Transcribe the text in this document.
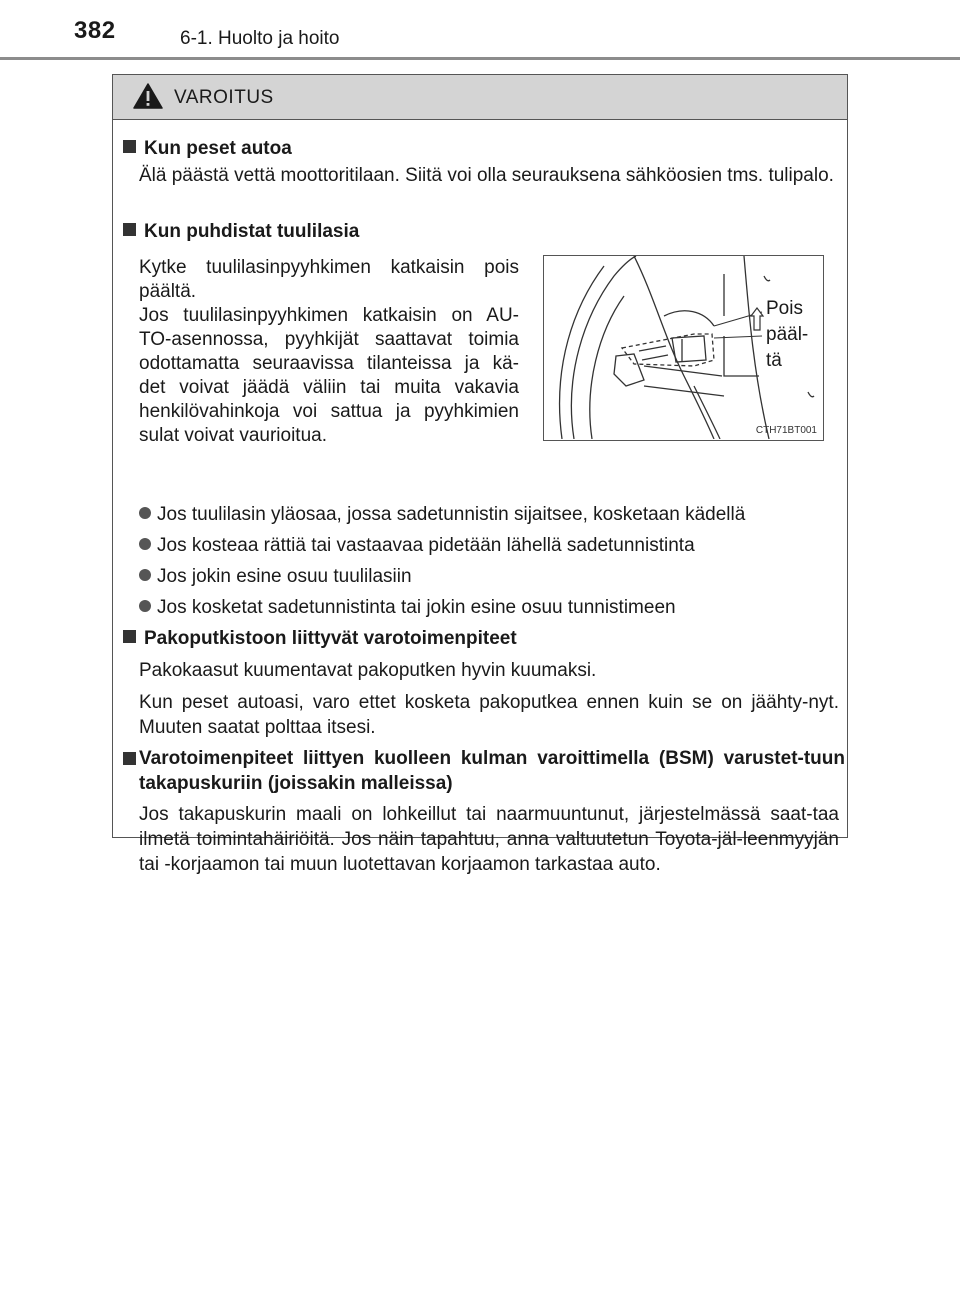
382	6-1. Huolto ja hoito
VAROITUS
Kun peset autoa
Älä päästä vettä moottoritilaan. Siitä voi olla seurauksena sähköosien tms. tulipalo.
Kun puhdistat tuulilasia
Kytke tuulilasinpyyhkimen katkaisin pois
päältä.
Jos tuulilasinpyyhkimen katkaisin on AU-
TO-asennossa, pyyhkijät saattavat toimia
odottamatta seuraavissa tilanteissa ja kä-
det voivat jäädä väliin tai muita vakavia
henkilövahinkoja voi sattua ja pyyhkimien
sulat voivat vaurioitua.
Pois
pääl-
tä
CTH71BT001
Jos tuulilasin yläosaa, jossa sadetunnistin sijaitsee, kosketaan kädellä
Jos kosteaa rättiä tai vastaavaa pidetään lähellä sadetunnistinta
Jos jokin esine osuu tuulilasiin
Jos kosketat sadetunnistinta tai jokin esine osuu tunnistimeen
Pakoputkistoon liittyvät varotoimenpiteet
Pakokaasut kuumentavat pakoputken hyvin kuumaksi.
Kun peset autoasi, varo ettet kosketa pakoputkea ennen kuin se on jäähty-nyt. Muuten saatat polttaa itsesi.
Varotoimenpiteet liittyen kuolleen kulman varoittimella (BSM) varustet-tuun takapuskuriin (joissakin malleissa)
Jos takapuskurin maali on lohkeillut tai naarmuuntunut, järjestelmässä saat-taa ilmetä toimintahäiriöitä. Jos näin tapahtuu, anna valtuutetun Toyota-jäl-leenmyyjän tai -korjaamon tai muun luotettavan korjaamon tarkastaa auto.
